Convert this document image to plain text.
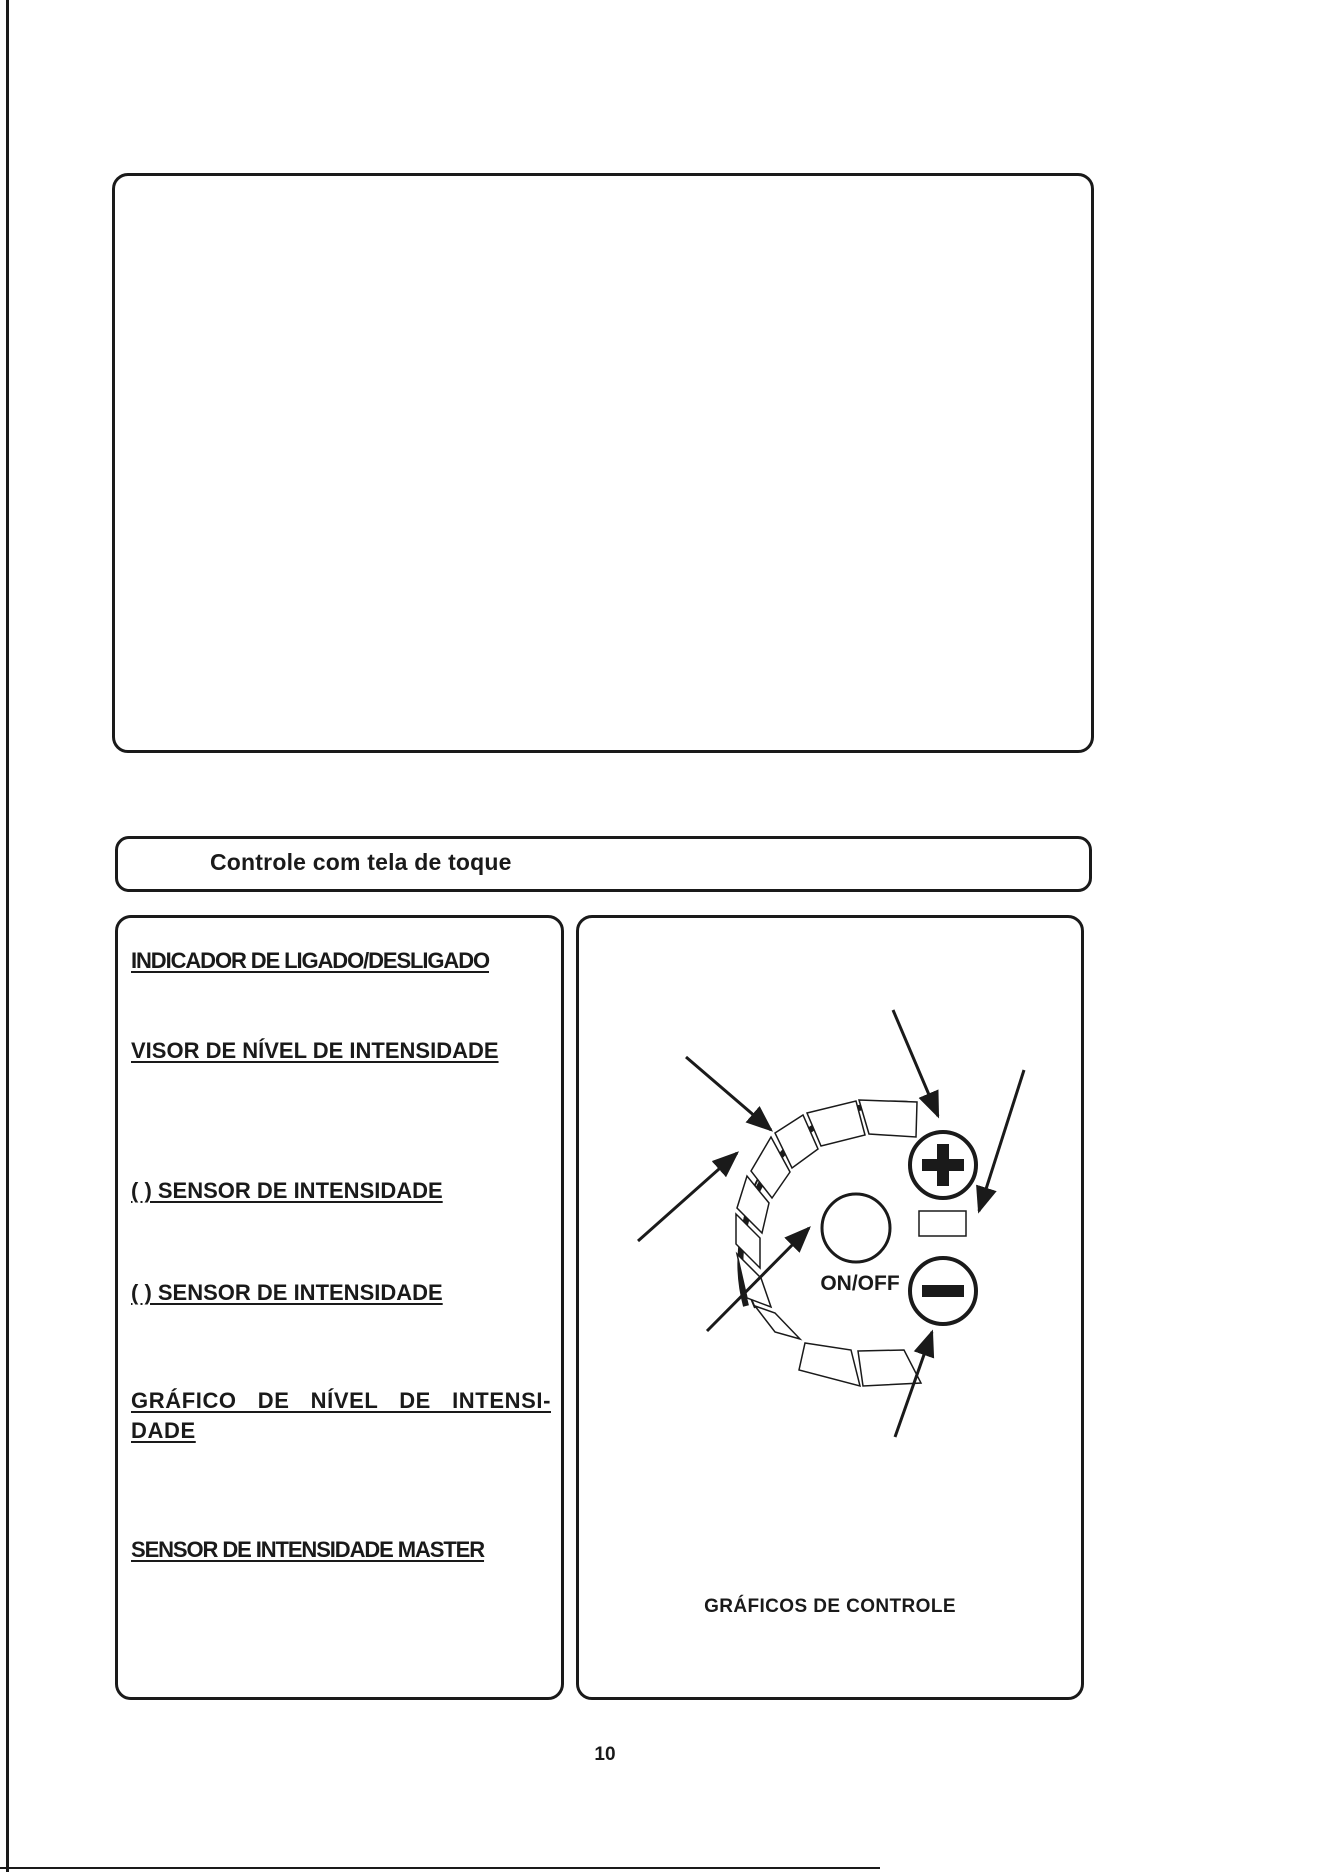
Controle com tela de toque
INDICADOR DE LIGADO/DESLIGADO
VISOR DE NÍVEL DE INTENSIDADE
( ) SENSOR DE INTENSIDADE
( ) SENSOR DE INTENSIDADE
GRÁFICO DE NÍVEL DE INTENSI-DADE
SENSOR DE INTENSIDADE MASTER
ON/OFF
GRÁFICOS DE CONTROLE
10
